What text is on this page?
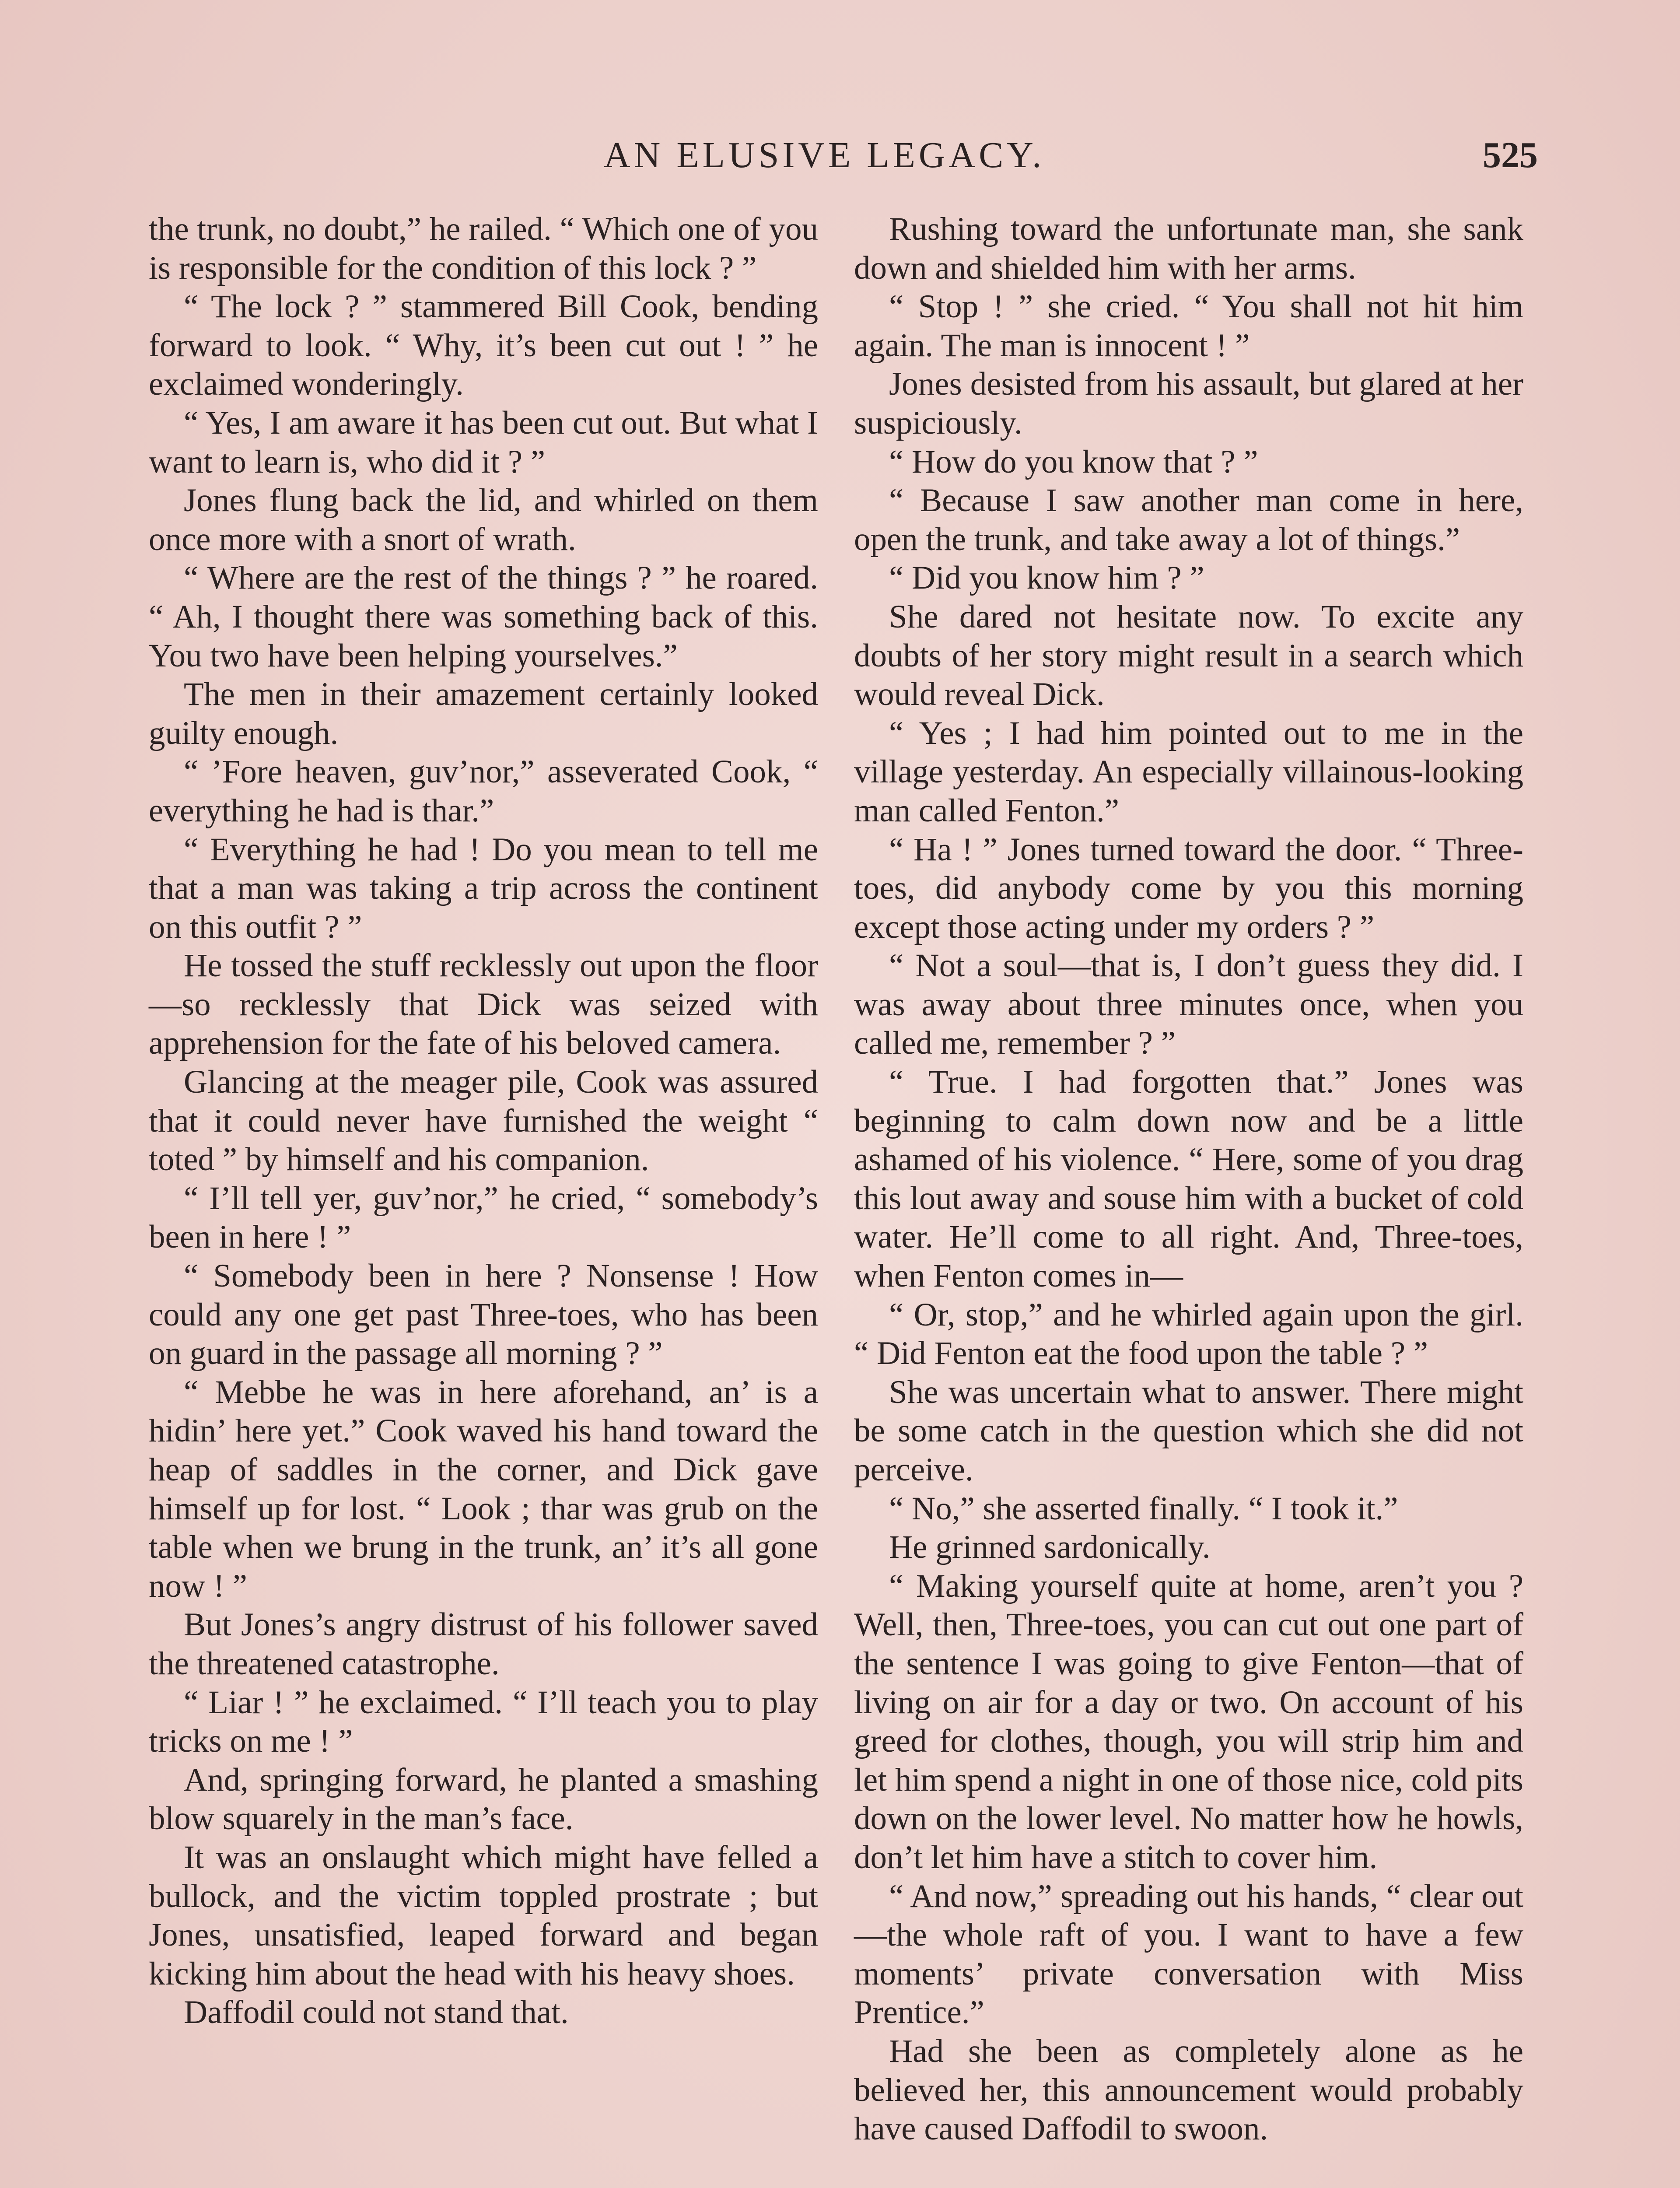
AN ELUSIVE LEGACY.	525

the trunk, no doubt,” he railed. “ Which one of you is responsible for the condition of this lock ? ”

“ The lock ? ” stammered Bill Cook, bending forward to look. “ Why, it’s been cut out ! ” he exclaimed wonderingly.

“ Yes, I am aware it has been cut out. But what I want to learn is, who did it ? ”

Jones flung back the lid, and whirled on them once more with a snort of wrath.

“ Where are the rest of the things ? ” he roared. “ Ah, I thought there was something back of this. You two have been helping yourselves.”

The men in their amazement certainly looked guilty enough.

“ ’Fore heaven, guv’nor,” asseverated Cook, “ everything he had is thar.”

“ Everything he had ! Do you mean to tell me that a man was taking a trip across the continent on this outfit ? ”

He tossed the stuff recklessly out upon the floor—so recklessly that Dick was seized with apprehension for the fate of his beloved camera.

Glancing at the meager pile, Cook was assured that it could never have furnished the weight “ toted ” by himself and his companion.

“ I’ll tell yer, guv’nor,” he cried, “ somebody’s been in here ! ”

“ Somebody been in here ? Nonsense ! How could any one get past Three-toes, who has been on guard in the passage all morning ? ”

“ Mebbe he was in here aforehand, an’ is a hidin’ here yet.” Cook waved his hand toward the heap of saddles in the corner, and Dick gave himself up for lost. “ Look ; thar was grub on the table when we brung in the trunk, an’ it’s all gone now ! ”

But Jones’s angry distrust of his follower saved the threatened catastrophe.

“ Liar ! ” he exclaimed. “ I’ll teach you to play tricks on me ! ”

And, springing forward, he planted a smashing blow squarely in the man’s face.

It was an onslaught which might have felled a bullock, and the victim toppled prostrate ; but Jones, unsatisfied, leaped forward and began kicking him about the head with his heavy shoes.

Daffodil could not stand that.

Rushing toward the unfortunate man, she sank down and shielded him with her arms.

“ Stop ! ” she cried. “ You shall not hit him again. The man is innocent ! ”

Jones desisted from his assault, but glared at her suspiciously.

“ How do you know that ? ”

“ Because I saw another man come in here, open the trunk, and take away a lot of things.”

“ Did you know him ? ”

She dared not hesitate now. To excite any doubts of her story might result in a search which would reveal Dick.

“ Yes ; I had him pointed out to me in the village yesterday. An especially villainous-looking man called Fenton.”

“ Ha ! ” Jones turned toward the door. “ Three-toes, did anybody come by you this morning except those acting under my orders ? ”

“ Not a soul—that is, I don’t guess they did. I was away about three minutes once, when you called me, remember ? ”

“ True. I had forgotten that.” Jones was beginning to calm down now and be a little ashamed of his violence. “ Here, some of you drag this lout away and souse him with a bucket of cold water. He’ll come to all right. And, Three-toes, when Fenton comes in—

“ Or, stop,” and he whirled again upon the girl. “ Did Fenton eat the food upon the table ? ”

She was uncertain what to answer. There might be some catch in the question which she did not perceive.

“ No,” she asserted finally. “ I took it.”

He grinned sardonically.

“ Making yourself quite at home, aren’t you ? Well, then, Three-toes, you can cut out one part of the sentence I was going to give Fenton—that of living on air for a day or two. On account of his greed for clothes, though, you will strip him and let him spend a night in one of those nice, cold pits down on the lower level. No matter how he howls, don’t let him have a stitch to cover him.

“ And now,” spreading out his hands, “ clear out—the whole raft of you. I want to have a few moments’ private conversation with Miss Prentice.”

Had she been as completely alone as he believed her, this announcement would probably have caused Daffodil to swoon.
